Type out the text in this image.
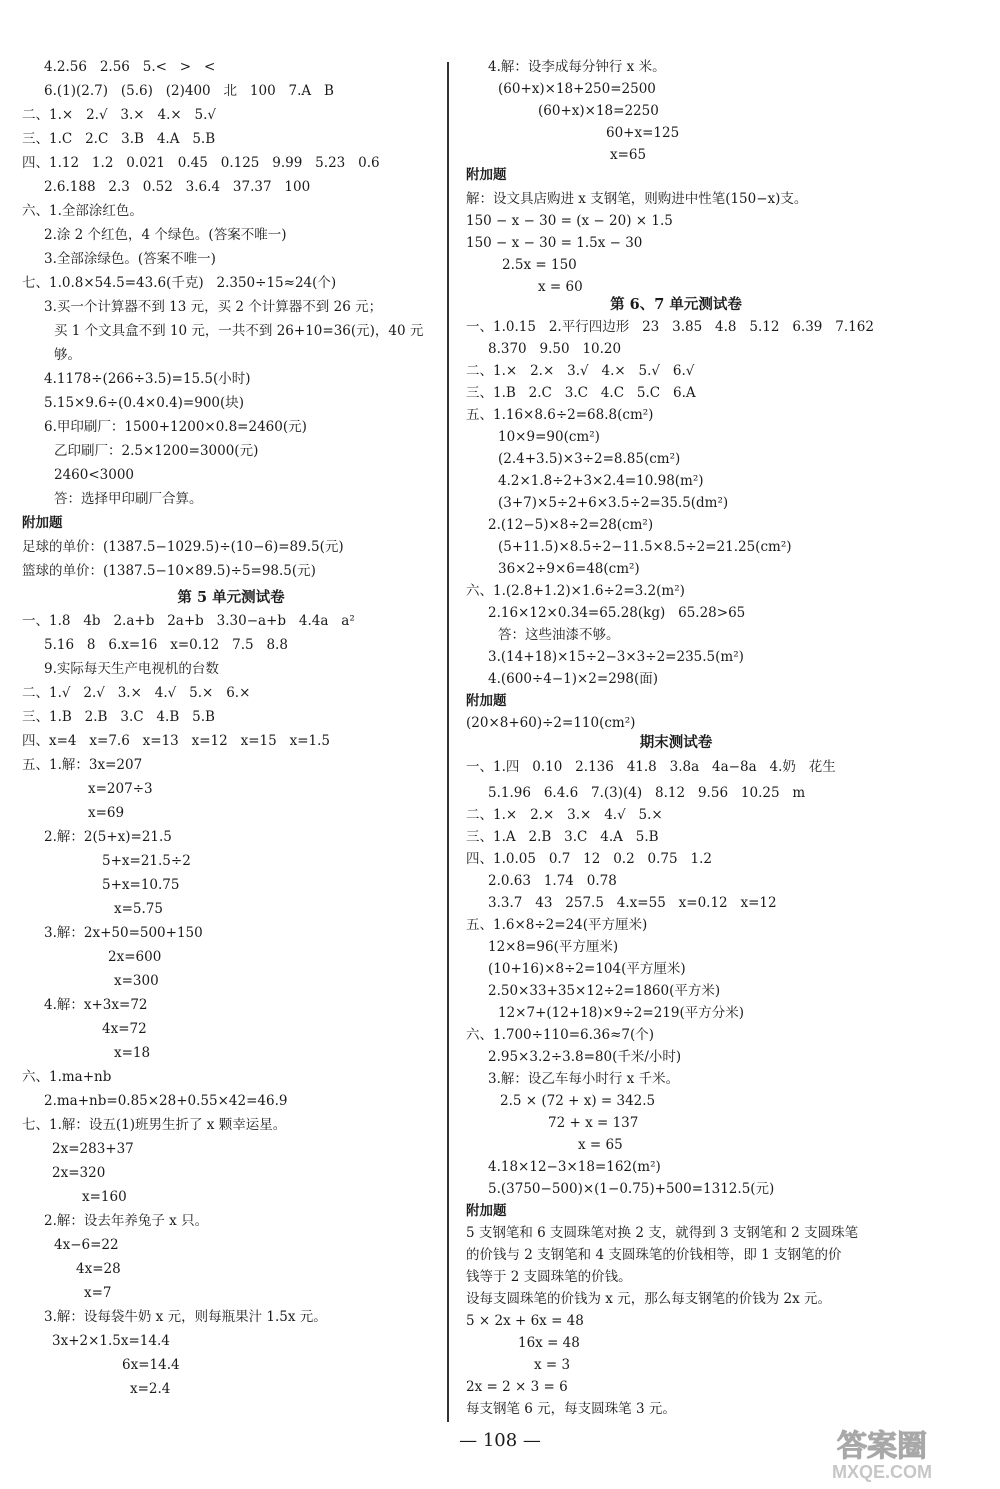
4.2.56   2.56   5.<   >   <
6.(1)(2.7)   (5.6)   (2)400   北   100   7.A   B
二、1.×   2.√   3.×   4.×   5.√
三、1.C   2.C   3.B   4.A   5.B
四、1.12   1.2   0.021   0.45   0.125   9.99   5.23   0.6
2.6.188   2.3   0.52   3.6.4   37.37   100
六、1.全部涂红色。
2.涂 2 个红色，4 个绿色。(答案不唯一)
3.全部涂绿色。(答案不唯一)
七、1.0.8×54.5=43.6(千克)   2.350÷15≈24(个)
3.买一个计算器不到 13 元，买 2 个计算器不到 26 元；
买 1 个文具盒不到 10 元，一共不到 26+10=36(元)，40 元
够。
4.1178÷(266÷3.5)=15.5(小时)
5.15×9.6÷(0.4×0.4)=900(块)
6.甲印刷厂：1500+1200×0.8=2460(元)
乙印刷厂：2.5×1200=3000(元)
2460<3000
答：选择甲印刷厂合算。
附加题
足球的单价：(1387.5−1029.5)÷(10−6)=89.5(元)
篮球的单价：(1387.5−10×89.5)÷5=98.5(元)
第 5 单元测试卷
一、1.8   4b   2.a+b   2a+b   3.30−a+b   4.4a   a²
5.16   8   6.x=16   x=0.12   7.5   8.8
9.实际每天生产电视机的台数
二、1.√   2.√   3.×   4.√   5.×   6.×
三、1.B   2.B   3.C   4.B   5.B
四、x=4   x=7.6   x=13   x=12   x=15   x=1.5
五、1.解：3x=207
x=207÷3
x=69
2.解：2(5+x)=21.5
5+x=21.5÷2
5+x=10.75
x=5.75
3.解：2x+50=500+150
2x=600
x=300
4.解：x+3x=72
4x=72
x=18
六、1.ma+nb
2.ma+nb=0.85×28+0.55×42=46.9
七、1.解：设五(1)班男生折了 x 颗幸运星。
2x=283+37
2x=320
x=160
2.解：设去年养兔子 x 只。
4x−6=22
4x=28
x=7
3.解：设每袋牛奶 x 元，则每瓶果汁 1.5x 元。
3x+2×1.5x=14.4
6x=14.4
x=2.4
4.解：设李成每分钟行 x 米。
(60+x)×18+250=2500
(60+x)×18=2250
60+x=125
x=65
附加题
解：设文具店购进 x 支钢笔，则购进中性笔(150−x)支。
150 − x − 30 = (x − 20) × 1.5
150 − x − 30 = 1.5x − 30
2.5x = 150
x = 60
第 6、7 单元测试卷
一、1.0.15   2.平行四边形   23   3.85   4.8   5.12   6.39   7.162
8.370   9.50   10.20
二、1.×   2.×   3.√   4.×   5.√   6.√
三、1.B   2.C   3.C   4.C   5.C   6.A
五、1.16×8.6÷2=68.8(cm²)
10×9=90(cm²)
(2.4+3.5)×3÷2=8.85(cm²)
4.2×1.8÷2+3×2.4=10.98(m²)
(3+7)×5÷2+6×3.5÷2=35.5(dm²)
2.(12−5)×8÷2=28(cm²)
(5+11.5)×8.5÷2−11.5×8.5÷2=21.25(cm²)
36×2÷9×6=48(cm²)
六、1.(2.8+1.2)×1.6÷2=3.2(m²)
2.16×12×0.34=65.28(kg)   65.28>65
答：这些油漆不够。
3.(14+18)×15÷2−3×3÷2=235.5(m²)
4.(600÷4−1)×2=298(面)
附加题
(20×8+60)÷2=110(cm²)
期末测试卷
一、1.四   0.10   2.136   41.8   3.8a   4a−8a   4.奶   花生
5.1.96   6.4.6   7.(3)(4)   8.12   9.56   10.25   m
二、1.×   2.×   3.×   4.√   5.×
三、1.A   2.B   3.C   4.A   5.B
四、1.0.05   0.7   12   0.2   0.75   1.2
2.0.63   1.74   0.78
3.3.7   43   257.5   4.x=55   x=0.12   x=12
五、1.6×8÷2=24(平方厘米)
12×8=96(平方厘米)
(10+16)×8÷2=104(平方厘米)
2.50×33+35×12÷2=1860(平方米)
12×7+(12+18)×9÷2=219(平方分米)
六、1.700÷110=6.36≈7(个)
2.95×3.2÷3.8=80(千米/小时)
3.解：设乙车每小时行 x 千米。
2.5 × (72 + x) = 342.5
72 + x = 137
x = 65
4.18×12−3×18=162(m²)
5.(3750−500)×(1−0.75)+500=1312.5(元)
附加题
5 支钢笔和 6 支圆珠笔对换 2 支，就得到 3 支钢笔和 2 支圆珠笔
的价钱与 2 支钢笔和 4 支圆珠笔的价钱相等，即 1 支钢笔的价
钱等于 2 支圆珠笔的价钱。
设每支圆珠笔的价钱为 x 元，那么每支钢笔的价钱为 2x 元。
5 × 2x + 6x = 48
16x = 48
x = 3
2x = 2 × 3 = 6
每支钢笔 6 元，每支圆珠笔 3 元。
— 108 —	答案圈
MXQE.COM
